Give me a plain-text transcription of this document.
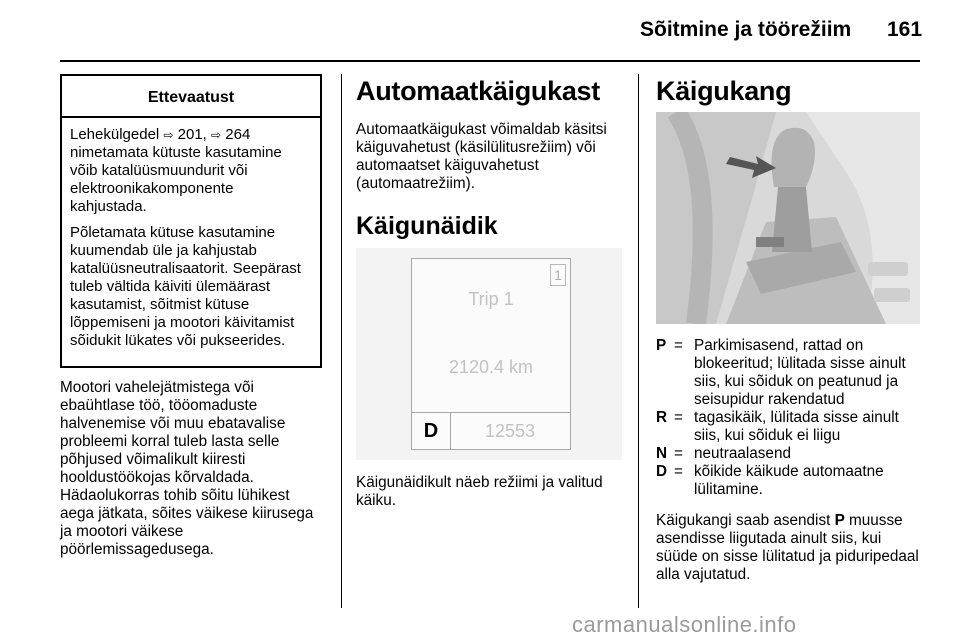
Sõitmine ja töörežiim 161
Ettevaatust

Lehekülgedel ⇨ 201, ⇨ 264 nimetamata kütuste kasutamine võib katalüüsmuundurit või elektroonikakomponente kahjustada.

Põletamata kütuse kasutamine kuumendab üle ja kahjustab katalüüsneutralisaatorit. Seepärast tuleb vältida käiviti ülemäärast kasutamist, sõitmist kütuse lõppemiseni ja mootori käivitamist sõidukit lükates või pukseerides.

Mootori vahelejätmistega või ebaühtlase töö, tööomaduste halvenemise või muu ebatavalise probleemi korral tuleb lasta selle põhjused võimalikult kiiresti hooldustöökojas kõrvaldada. Hädaolukorras tohib sõitu lühikest aega jätkata, sõites väikese kiirusega ja mootori väikese pöörlemissagedusega.
Automaatkäigukast
Automaatkäigukast võimaldab käsitsi käiguvahetust (käsilülitusrežiim) või automaatset käiguvahetust (automaatrežiim).
Käigunäidik
1
Trip 1
2120.4 km
D	12553
Käigunäidikult näeb režiimi ja valitud käiku.
Käigukang
P = Parkimisasend, rattad on blokeeritud; lülitada sisse ainult siis, kui sõiduk on peatunud ja seisupidur rakendatud
R = tagasikäik, lülitada sisse ainult siis, kui sõiduk ei liigu
N = neutraalasend
D = kõikide käikude automaatne lülitamine.
Käigukangi saab asendist P muusse asendisse liigutada ainult siis, kui süüde on sisse lülitatud ja piduripedaal alla vajutatud.
carmanualsonline.info
